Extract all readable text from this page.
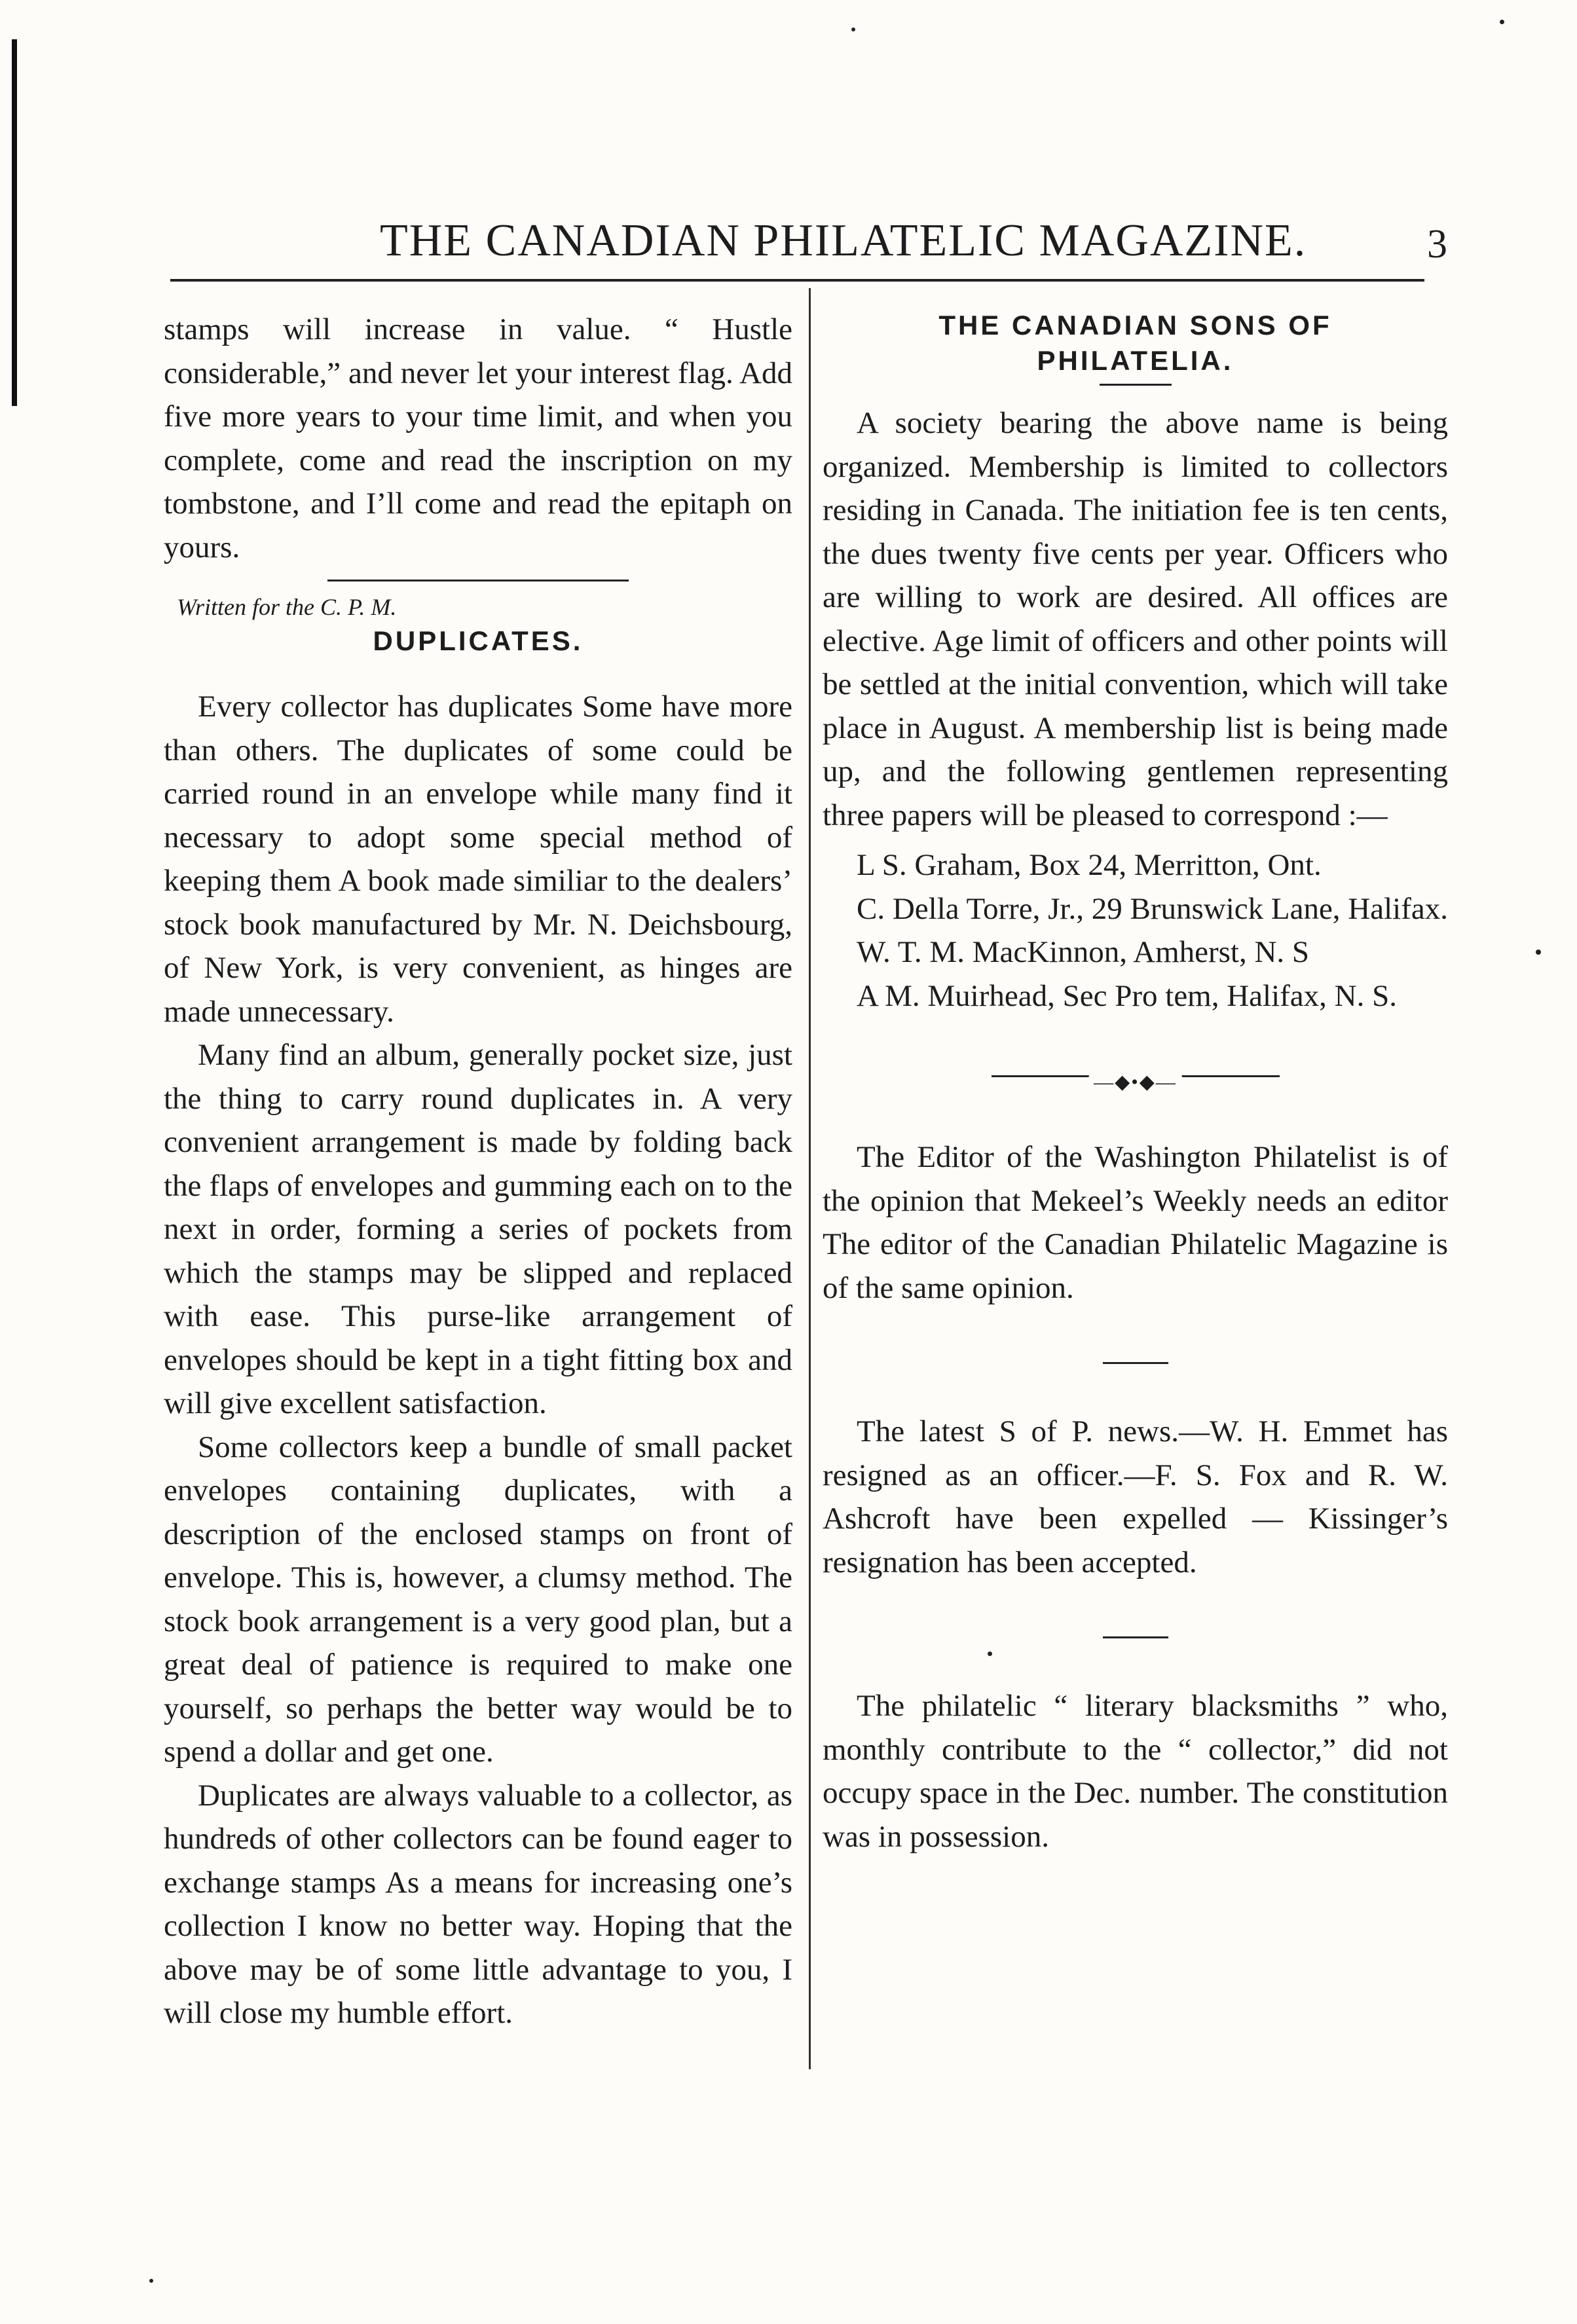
THE CANADIAN PHILATELIC MAGAZINE.	3

stamps will increase in value. “ Hustle considerable,” and never let your interest flag. Add five more years to your time limit, and when you complete, come and read the inscription on my tombstone, and I’ll come and read the epitaph on yours.

Written for the C. P. M.
DUPLICATES.

Every collector has duplicates Some have more than others. The duplicates of some could be carried round in an envelope while many find it necessary to adopt some special method of keeping them A book made similiar to the dealers’ stock book manufactured by Mr. N. Deichsbourg, of New York, is very convenient, as hinges are made unnecessary.

Many find an album, generally pocket size, just the thing to carry round duplicates in. A very convenient arrangement is made by folding back the flaps of envelopes and gumming each on to the next in order, forming a series of pockets from which the stamps may be slipped and replaced with ease. This purse-like arrangement of envelopes should be kept in a tight fitting box and will give excellent satisfaction.

Some collectors keep a bundle of small packet envelopes containing duplicates, with a description of the enclosed stamps on front of envelope. This is, however, a clumsy method. The stock book arrangement is a very good plan, but a great deal of patience is required to make one yourself, so perhaps the better way would be to spend a dollar and get one.

Duplicates are always valuable to a collector, as hundreds of other collectors can be found eager to exchange stamps As a means for increasing one’s collection I know no better way. Hoping that the above may be of some little advantage to you, I will close my humble effort.

THE CANADIAN SONS OF
PHILATELIA.

A society bearing the above name is being organized. Membership is limited to collectors residing in Canada. The initiation fee is ten cents, the dues twenty five cents per year. Officers who are willing to work are desired. All offices are elective. Age limit of officers and other points will be settled at the initial convention, which will take place in August. A membership list is being made up, and the following gentlemen representing three papers will be pleased to correspond :—

L S. Graham, Box 24, Merritton, Ont.

C. Della Torre, Jr., 29 Brunswick Lane, Halifax.

W. T. M. MacKinnon, Amherst, N. S

A M. Muirhead, Sec Pro tem, Halifax, N. S.

—◆•◆—

The Editor of the Washington Philatelist is of the opinion that Mekeel’s Weekly needs an editor The editor of the Canadian Philatelic Magazine is of the same opinion.

The latest S of P. news.—W. H. Emmet has resigned as an officer.—F. S. Fox and R. W. Ashcroft have been expelled — Kissinger’s resignation has been accepted.

The philatelic “ literary blacksmiths ” who, monthly contribute to the “ collector,” did not occupy space in the Dec. number. The constitution was in possession.
